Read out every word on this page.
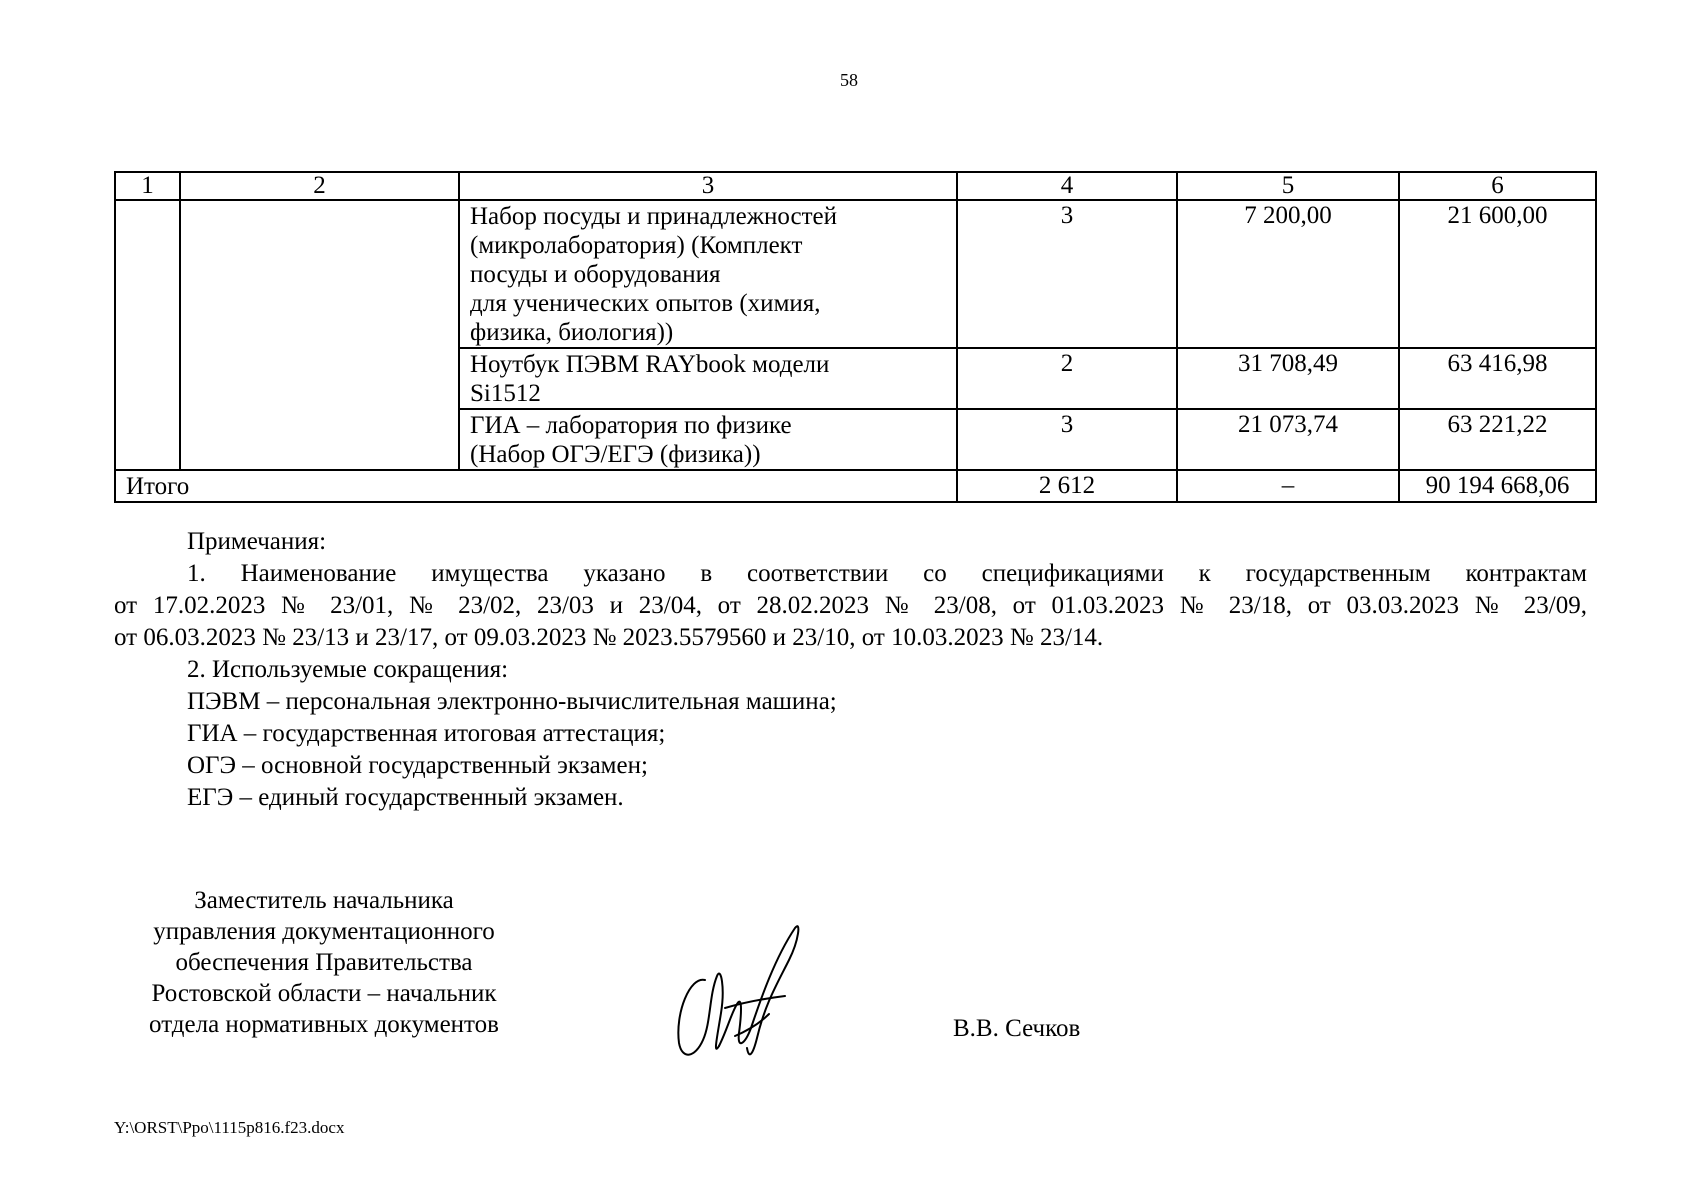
58
1	2	3	4	5	6

		Набор посуды и принадлежностей
(микролаборатория) (Комплект
посуды и оборудования
для ученических опытов (химия,
физика, биология))	3	7 200,00	21 600,00

		Ноутбук ПЭВМ RAYbook модели
Si1512	2	31 708,49	63 416,98

		ГИА – лаборатория по физике
(Набор ОГЭ/ЕГЭ (физика))	3	21 073,74	63 221,22
Итого			2 612	–	90 194 668,06

Примечания:

1. Наименование имущества указано в соответствии со спецификациями к государственным контрактам

от 17.02.2023 № 23/01, № 23/02, 23/03 и 23/04, от 28.02.2023 № 23/08, от 01.03.2023 № 23/18, от 03.03.2023 № 23/09,

от 06.03.2023 № 23/13 и 23/17, от 09.03.2023 № 2023.5579560 и 23/10, от 10.03.2023 № 23/14.

2. Используемые сокращения:

ПЭВМ – персональная электронно-вычислительная машина;

ГИА – государственная итоговая аттестация;

ОГЭ – основной государственный экзамен;

ЕГЭ – единый государственный экзамен.

Заместитель начальника
управления документационного
обеспечения Правительства
Ростовской области – начальник
отдела нормативных документов	В.В. Сечков
Y:\ORST\Ppo\1115p816.f23.docx
